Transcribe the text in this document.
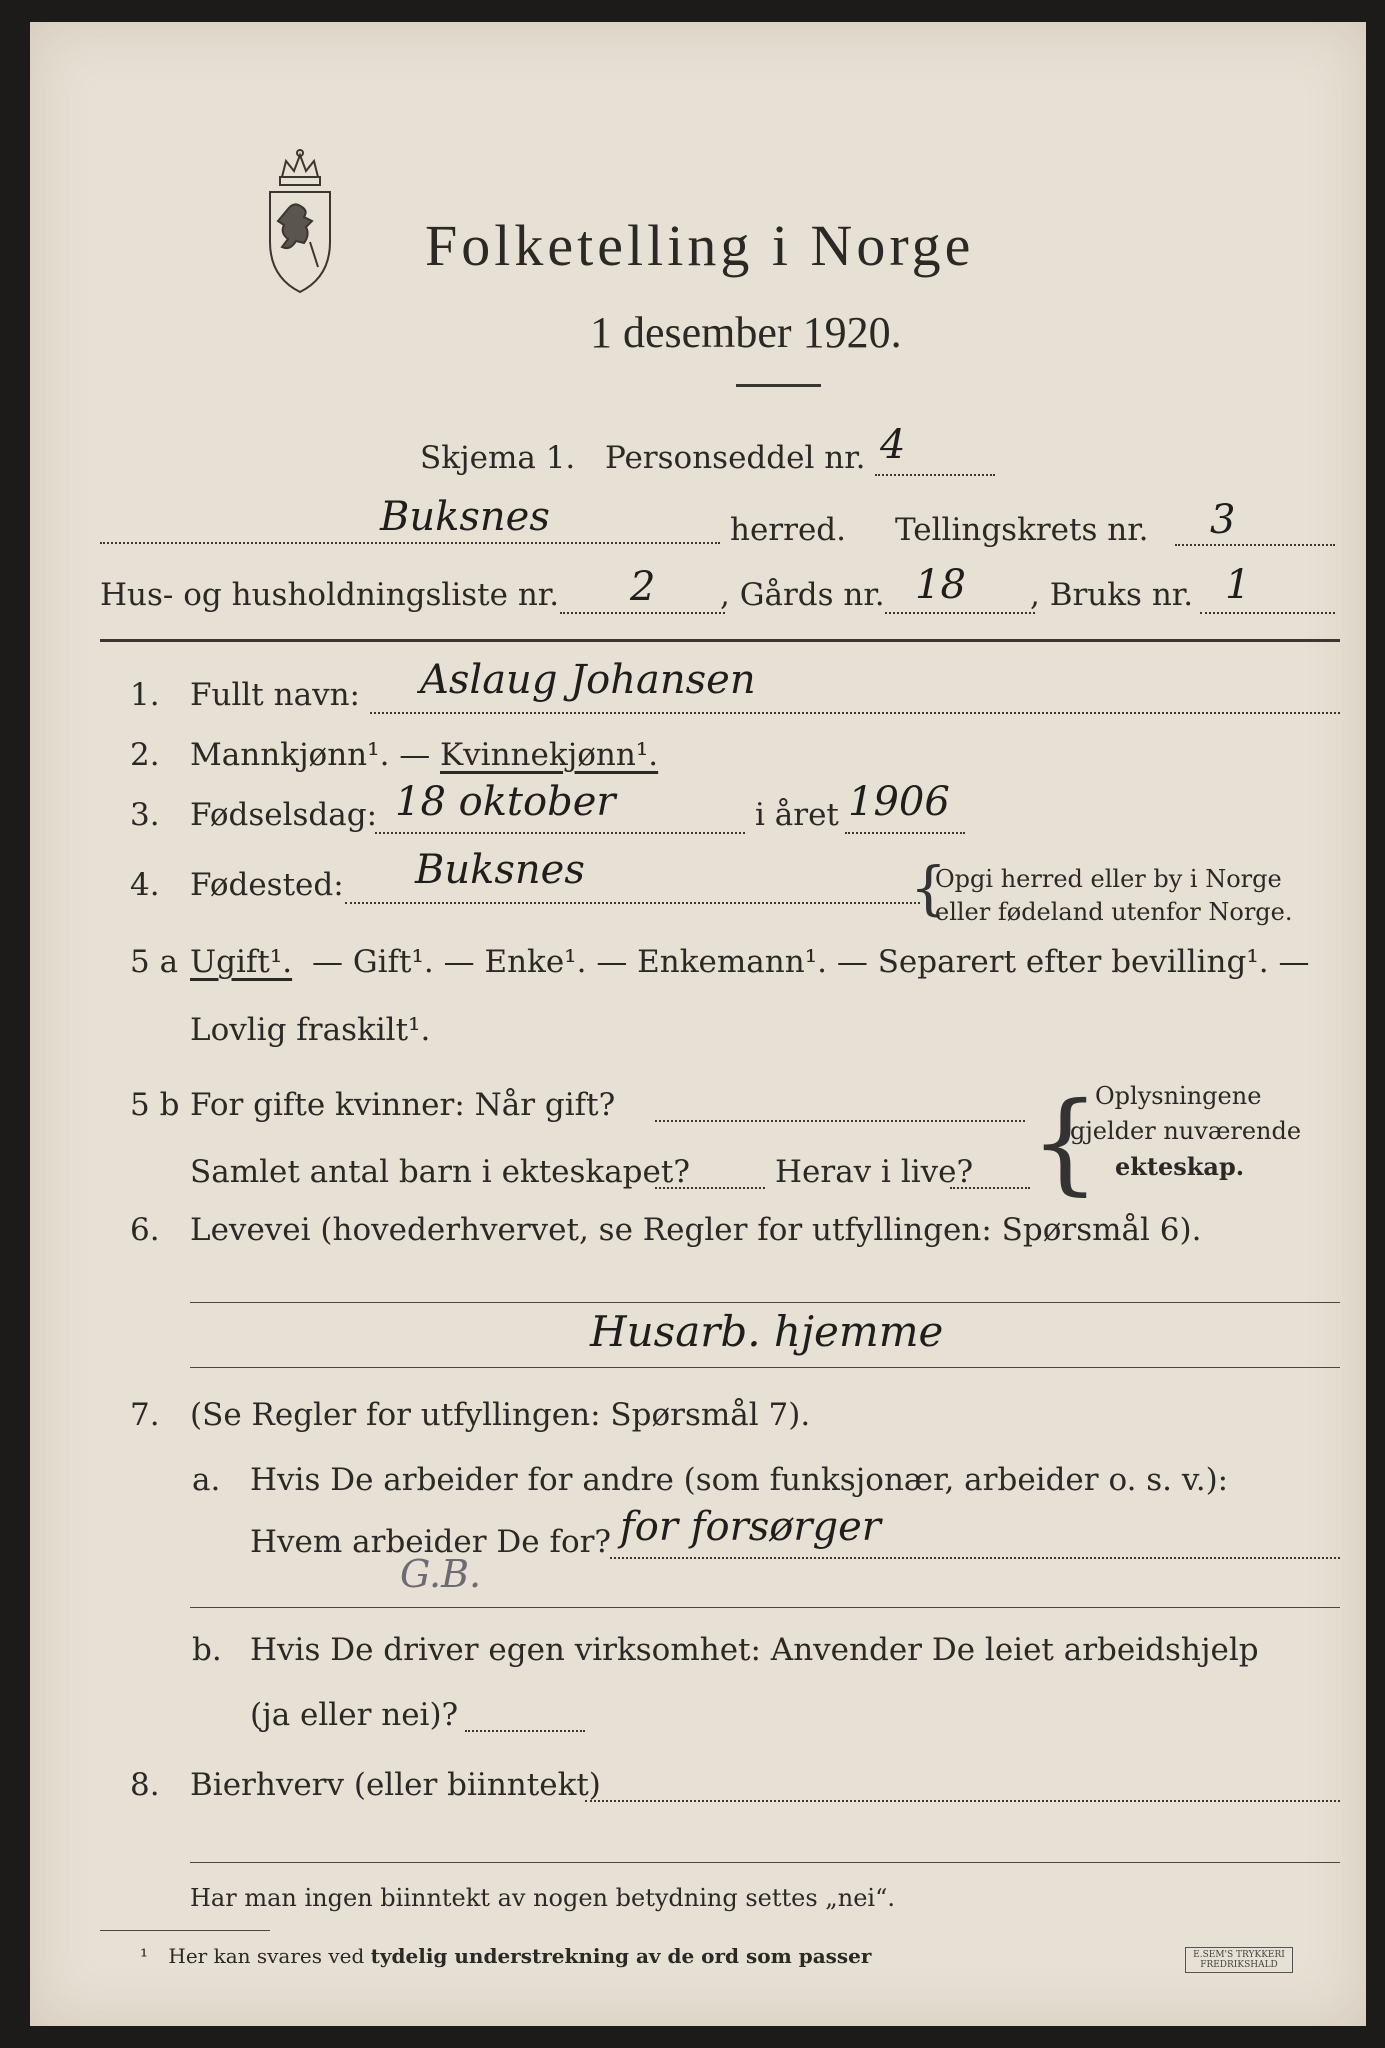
Folketelling i Norge
1 desember 1920.
Skjema 1. Personseddel nr. 4
Buksnes	herred. Tellingskrets nr. 3
Hus- og husholdningsliste nr. 2 , Gårds nr. 18 , Bruks nr. 1
1. Fullt navn: Aslaug Johansen
2. Mannkjønn¹. — Kvinnekjønn¹.
3. Fødselsdag: 18 oktober	i året 1906
4. Fødested: Buksnes	{
Opgi herred eller by i Norge
eller fødeland utenfor Norge.
5 a Ugift¹. — Gift¹. — Enke¹. — Enkemann¹. — Separert efter bevilling¹. —
Lovlig fraskilt¹.
5 b For gifte kvinner: Når gift?
Samlet antal barn i ekteskapet?	Herav i live? {
Oplysningene
gjelder nuværende
ekteskap.
6. Levevei (hovederhvervet, se Regler for utfyllingen: Spørsmål 6).
Husarb. hjemme
7. (Se Regler for utfyllingen: Spørsmål 7).
a. Hvis De arbeider for andre (som funksjonær, arbeider o. s. v.):
Hvem arbeider De for? for forsørger
G.B.
b. Hvis De driver egen virksomhet: Anvender De leiet arbeidshjelp
(ja eller nei)?
8. Bierhverv (eller biinntekt)
Har man ingen biinntekt av nogen betydning settes „nei“.
¹ Her kan svares ved tydelig understrekning av de ord som passer	E.SEM'S TRYKKERI FREDRIKSHALD
